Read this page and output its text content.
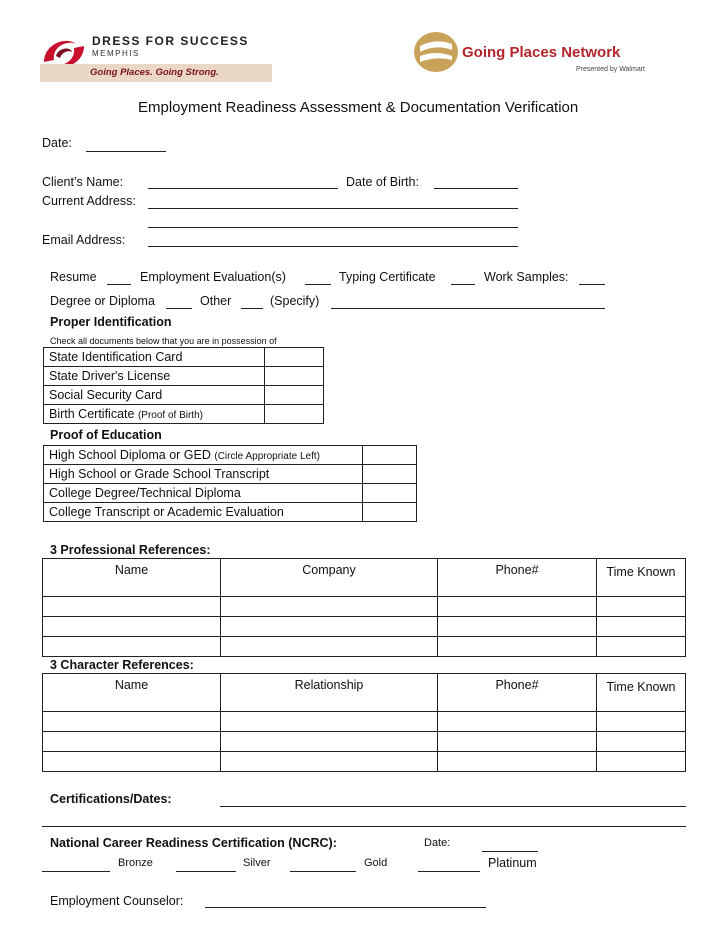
DRESS FOR SUCCESS
MEMPHIS
Going Places. Going Strong.
Going Places Network
Presented by Walmart
Employment Readiness Assessment & Documentation Verification
Date:
Client’s Name:	Date of Birth:
Current Address:
Email Address:
Resume	Employment Evaluation(s)	Typing Certificate	Work Samples:
Degree or Diploma	Other	(Specify)
Proper Identification
Check all documents below that you are in possession of
State Identification Card	
State Driver's License	
Social Security Card	
Birth Certificate (Proof of Birth)	
Proof of Education
High School Diploma or GED (Circle Appropriate Left)	
High School or Grade School Transcript	
College Degree/Technical Diploma	
College Transcript or Academic Evaluation	
3 Professional References:
Name	Company	Phone#	Time Known

3 Character References:
Name	Relationship	Phone#	Time Known

Certifications/Dates:
National Career Readiness Certification (NCRC):	Date:
Bronze	Silver	Gold	Platinum
Employment Counselor:
